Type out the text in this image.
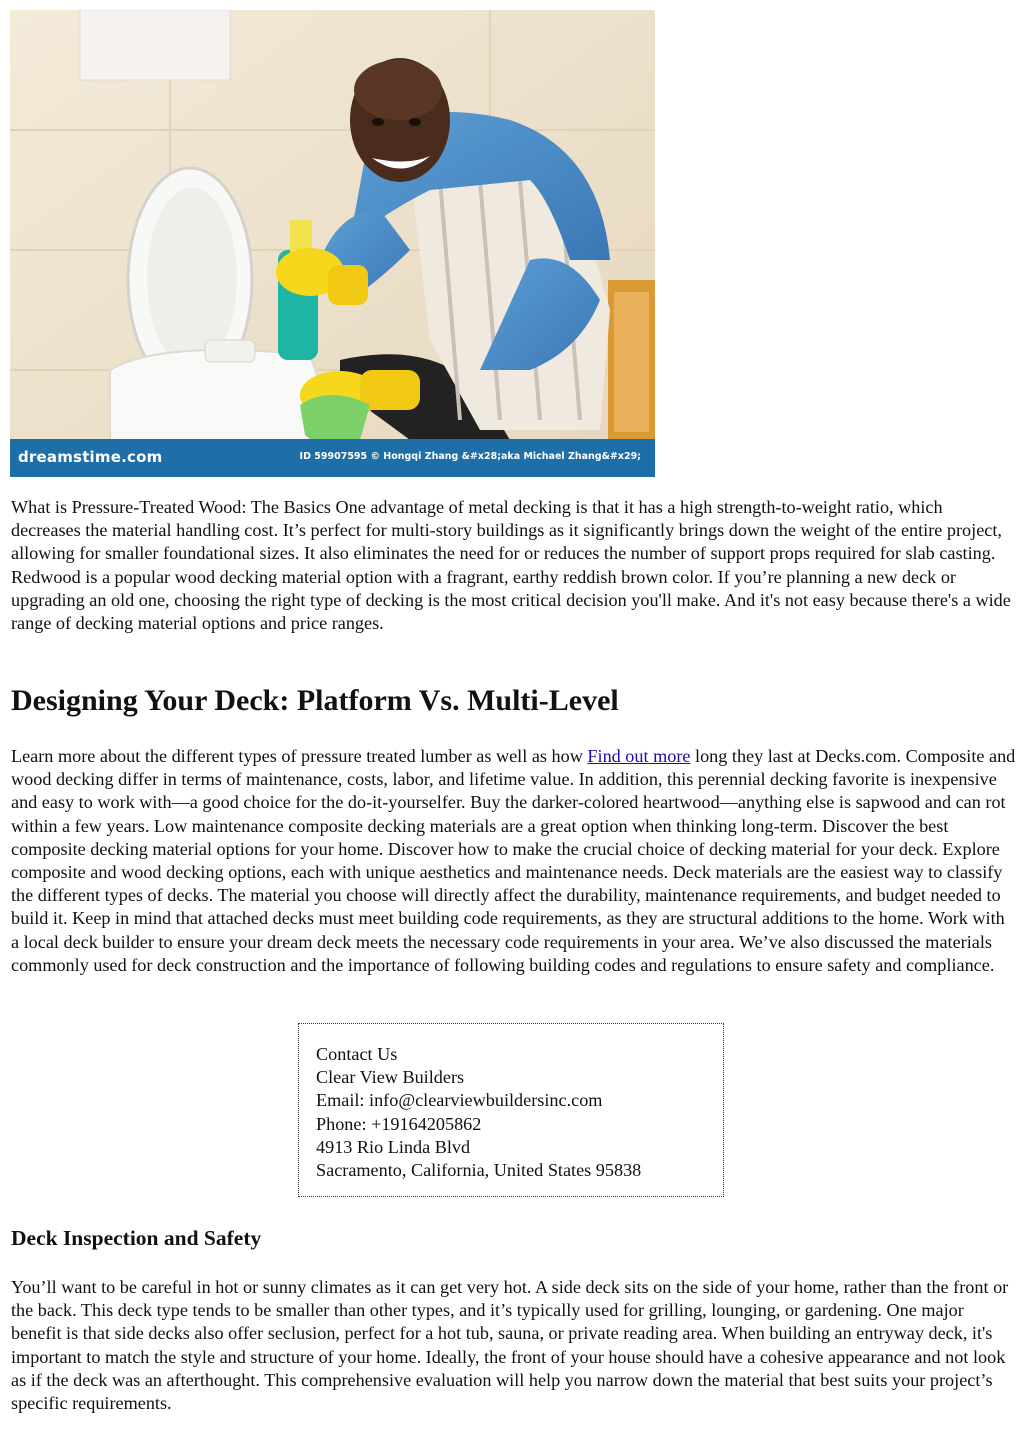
dreamstime.com	ID 59907595 © Hongqi Zhang &#x28;aka Michael Zhang&#x29;

What is Pressure-Treated Wood: The Basics One advantage of metal decking is that it has a high strength-to-weight ratio, which decreases the material handling cost. It’s perfect for multi-story buildings as it significantly brings down the weight of the entire project, allowing for smaller foundational sizes. It also eliminates the need for or reduces the number of support props required for slab casting. Redwood is a popular wood decking material option with a fragrant, earthy reddish brown color. If you’re planning a new deck or upgrading an old one, choosing the right type of decking is the most critical decision you'll make. And it's not easy because there's a wide range of decking material options and price ranges.

Designing Your Deck: Platform Vs. Multi-Level

Learn more about the different types of pressure treated lumber as well as how Find out more long they last at Decks.com. Composite and wood decking differ in terms of maintenance, costs, labor, and lifetime value. In addition, this perennial decking favorite is inexpensive and easy to work with—a good choice for the do-it-yourselfer. Buy the darker-colored heartwood—anything else is sapwood and can rot within a few years. Low maintenance composite decking materials are a great option when thinking long-term. Discover the best composite decking material options for your home. Discover how to make the crucial choice of decking material for your deck. Explore composite and wood decking options, each with unique aesthetics and maintenance needs. Deck materials are the easiest way to classify the different types of decks. The material you choose will directly affect the durability, maintenance requirements, and budget needed to build it. Keep in mind that attached decks must meet building code requirements, as they are structural additions to the home. Work with a local deck builder to ensure your dream deck meets the necessary code requirements in your area. We’ve also discussed the materials commonly used for deck construction and the importance of following building codes and regulations to ensure safety and compliance.

Contact Us
Clear View Builders
Email: info@clearviewbuildersinc.com
Phone: +19164205862
4913 Rio Linda Blvd
Sacramento, California, United States 95838
Deck Inspection and Safety

You’ll want to be careful in hot or sunny climates as it can get very hot. A side deck sits on the side of your home, rather than the front or the back. This deck type tends to be smaller than other types, and it’s typically used for grilling, lounging, or gardening. One major benefit is that side decks also offer seclusion, perfect for a hot tub, sauna, or private reading area. When building an entryway deck, it's important to match the style and structure of your home. Ideally, the front of your house should have a cohesive appearance and not look as if the deck was an afterthought. This comprehensive evaluation will help you narrow down the material that best suits your project’s specific requirements.
